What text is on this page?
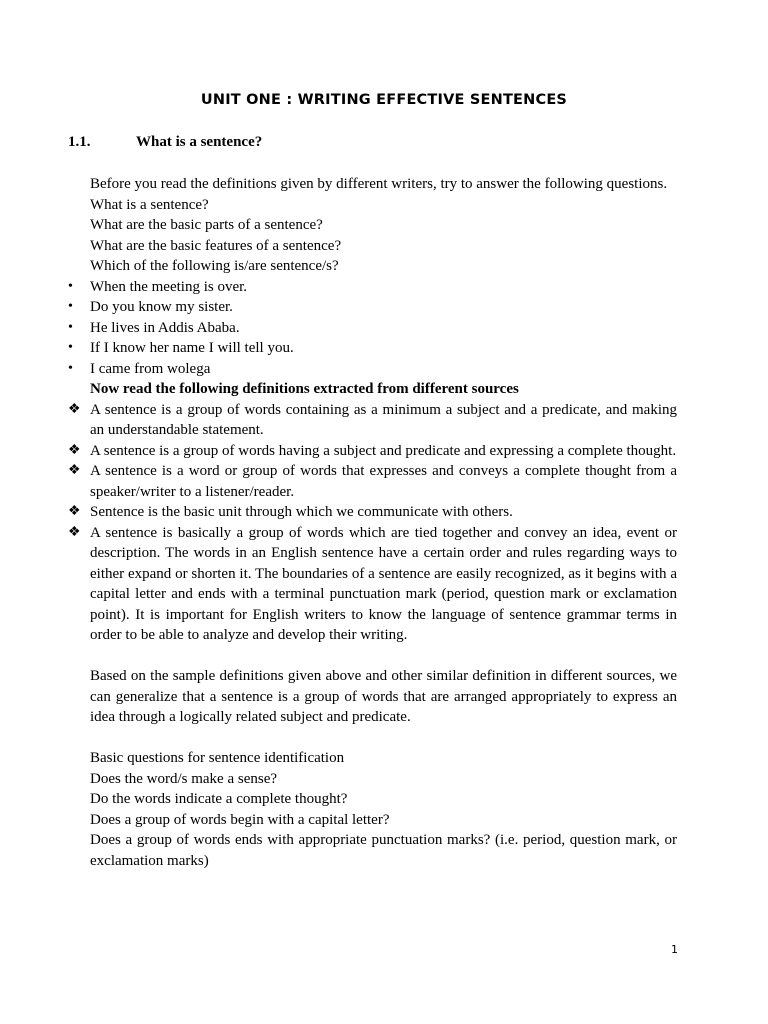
UNIT ONE : WRITING EFFECTIVE SENTENCES
1.1.	What is a sentence?

Before you read the definitions given by different writers, try to answer the following questions.

What is a sentence?

What are the basic parts of a sentence?

What are the basic features of a sentence?

Which of the following is/are sentence/s?

•	When the meeting is over.
•	Do you know my sister.
•	He lives in Addis Ababa.
•	If I know her name I will tell you.
•	I came from wolega

Now read the following definitions extracted from different sources

❖ A sentence is a group of words containing as a minimum a subject and a predicate, and making an understandable statement.

❖ A sentence is a group of words having a subject and predicate and expressing a complete thought.

❖ A sentence is a word or group of words that expresses and conveys a complete thought from a speaker/writer to a listener/reader.

❖ Sentence is the basic unit through which we communicate with others.

❖ A sentence is basically a group of words which are tied together and convey an idea, event or description. The words in an English sentence have a certain order and rules regarding ways to either expand or shorten it. The boundaries of a sentence are easily recognized, as it begins with a capital letter and ends with a terminal punctuation mark (period, question mark or exclamation point). It is important for English writers to know the language of sentence grammar terms in order to be able to analyze and develop their writing.

Based on the sample definitions given above and other similar definition in different sources, we can generalize that a sentence is a group of words that are arranged appropriately to express an idea through a logically related subject and predicate.

Basic questions for sentence identification

Does the word/s make a sense?

Do the words indicate a complete thought?

Does a group of words begin with a capital letter?

Does a group of words ends with appropriate punctuation marks? (i.e. period, question mark, or exclamation marks)

1
